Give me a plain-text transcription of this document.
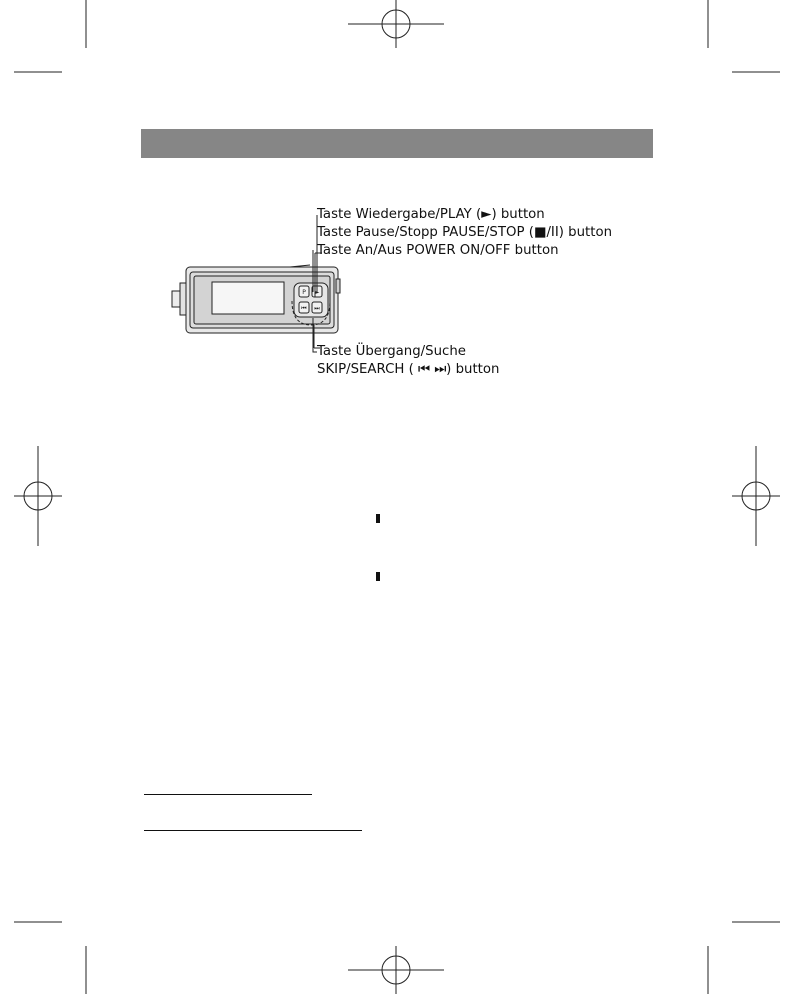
Taste Wiedergabe/PLAY (►) button
Taste Pause/Stopp PAUSE/STOP (■/II) button
Taste An/Aus POWER ON/OFF button
Taste Übergang/Suche
SKIP/SEARCH ( ⏮ ⏭) button
P ►
⏮ ⏭
